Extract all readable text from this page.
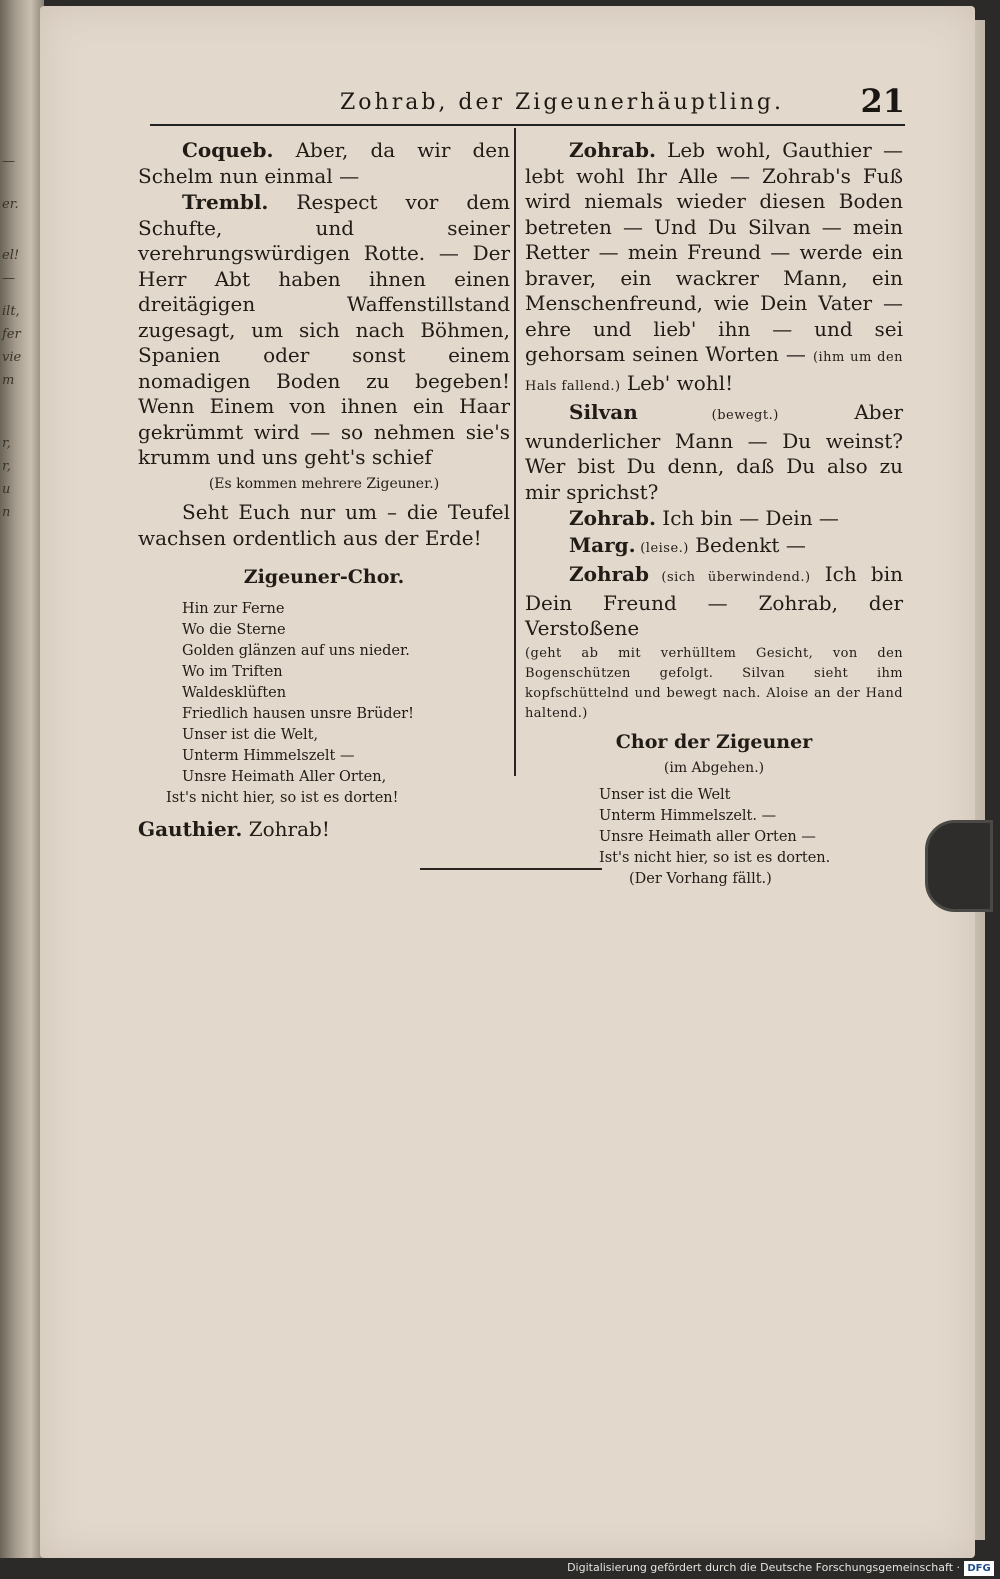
—
er.
el!
—
ilt,
fer
vie
m
r,
r,
u
n
Zohrab, der Zigeunerhäuptling. 21

Coqueb. Aber, da wir den Schelm nun einmal —

Trembl. Respect vor dem Schufte, und seiner verehrungswürdigen Rotte. — Der Herr Abt haben ihnen einen dreitägigen Waffenstillstand zugesagt, um sich nach Böhmen, Spanien oder sonst einem nomadigen Boden zu begeben! Wenn Einem von ihnen ein Haar gekrümmt wird — so nehmen sie's krumm und uns geht's schief

(Es kommen mehrere Zigeuner.)

Seht Euch nur um – die Teufel wachsen ordentlich aus der Erde!

Zigeuner-Chor.
Hin zur Ferne
Wo die Sterne
Golden glänzen auf uns nieder.
Wo im Triften
Waldesklüften
Friedlich hausen unsre Brüder!
Unser ist die Welt,
Unterm Himmelszelt —
Unsre Heimath Aller Orten,
Ist's nicht hier, so ist es dorten!

Gauthier. Zohrab!

Zohrab. Leb wohl, Gauthier — lebt wohl Ihr Alle — Zohrab's Fuß wird niemals wieder diesen Boden betreten — Und Du Silvan — mein Retter — mein Freund — werde ein braver, ein wackrer Mann, ein Menschenfreund, wie Dein Vater — ehre und lieb' ihn — und sei gehorsam seinen Worten — (ihm um den Hals fallend.) Leb' wohl!

Silvan (bewegt.) Aber wunderlicher Mann — Du weinst? Wer bist Du denn, daß Du also zu mir sprichst?

Zohrab. Ich bin — Dein —

Marg. (leise.) Bedenkt —

Zohrab (sich überwindend.) Ich bin Dein Freund — Zohrab, der Verstoßene

(geht ab mit verhülltem Gesicht, von den Bogenschützen gefolgt. Silvan sieht ihm kopfschüttelnd und bewegt nach. Aloise an der Hand haltend.)
Chor der Zigeuner
(im Abgehen.)
Unser ist die Welt
Unterm Himmelszelt. —
Unsre Heimath aller Orten —
Ist's nicht hier, so ist es dorten.
(Der Vorhang fällt.)
Digitalisierung gefördert durch die Deutsche Forschungsgemeinschaft · DFG
